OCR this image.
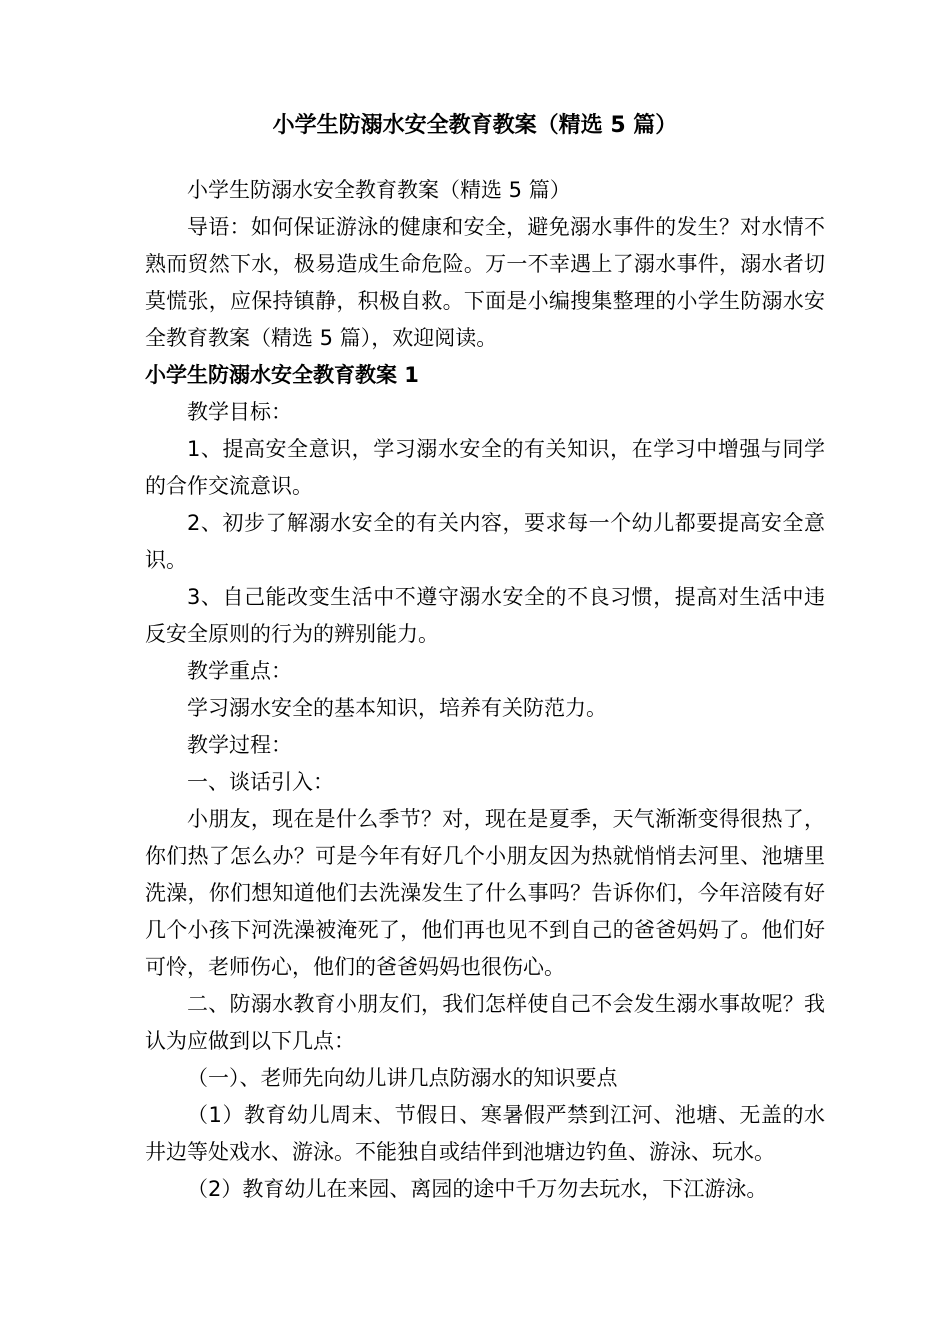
小学生防溺水安全教育教案（精选 5 篇）

小学生防溺水安全教育教案（精选 5 篇）

导语：如何保证游泳的健康和安全，避免溺水事件的发生？对水情不熟而贸然下水，极易造成生命危险。万一不幸遇上了溺水事件，溺水者切莫慌张，应保持镇静，积极自救。下面是小编搜集整理的小学生防溺水安全教育教案（精选 5 篇），欢迎阅读。

小学生防溺水安全教育教案 1

教学目标：

1、提高安全意识，学习溺水安全的有关知识，在学习中增强与同学的合作交流意识。

2、初步了解溺水安全的有关内容，要求每一个幼儿都要提高安全意识。

3、自己能改变生活中不遵守溺水安全的不良习惯，提高对生活中违反安全原则的行为的辨别能力。

教学重点：

学习溺水安全的基本知识，培养有关防范力。

教学过程：

一、谈话引入：

小朋友，现在是什么季节？对，现在是夏季，天气渐渐变得很热了，你们热了怎么办？可是今年有好几个小朋友因为热就悄悄去河里、池塘里洗澡，你们想知道他们去洗澡发生了什么事吗？告诉你们，今年涪陵有好几个小孩下河洗澡被淹死了，他们再也见不到自己的爸爸妈妈了。他们好可怜，老师伤心，他们的爸爸妈妈也很伤心。

二、防溺水教育小朋友们，我们怎样使自己不会发生溺水事故呢？我认为应做到以下几点：

（一）、老师先向幼儿讲几点防溺水的知识要点

（1）教育幼儿周末、节假日、寒暑假严禁到江河、池塘、无盖的水井边等处戏水、游泳。不能独自或结伴到池塘边钓鱼、游泳、玩水。

（2）教育幼儿在来园、离园的途中千万勿去玩水，下江游泳。
